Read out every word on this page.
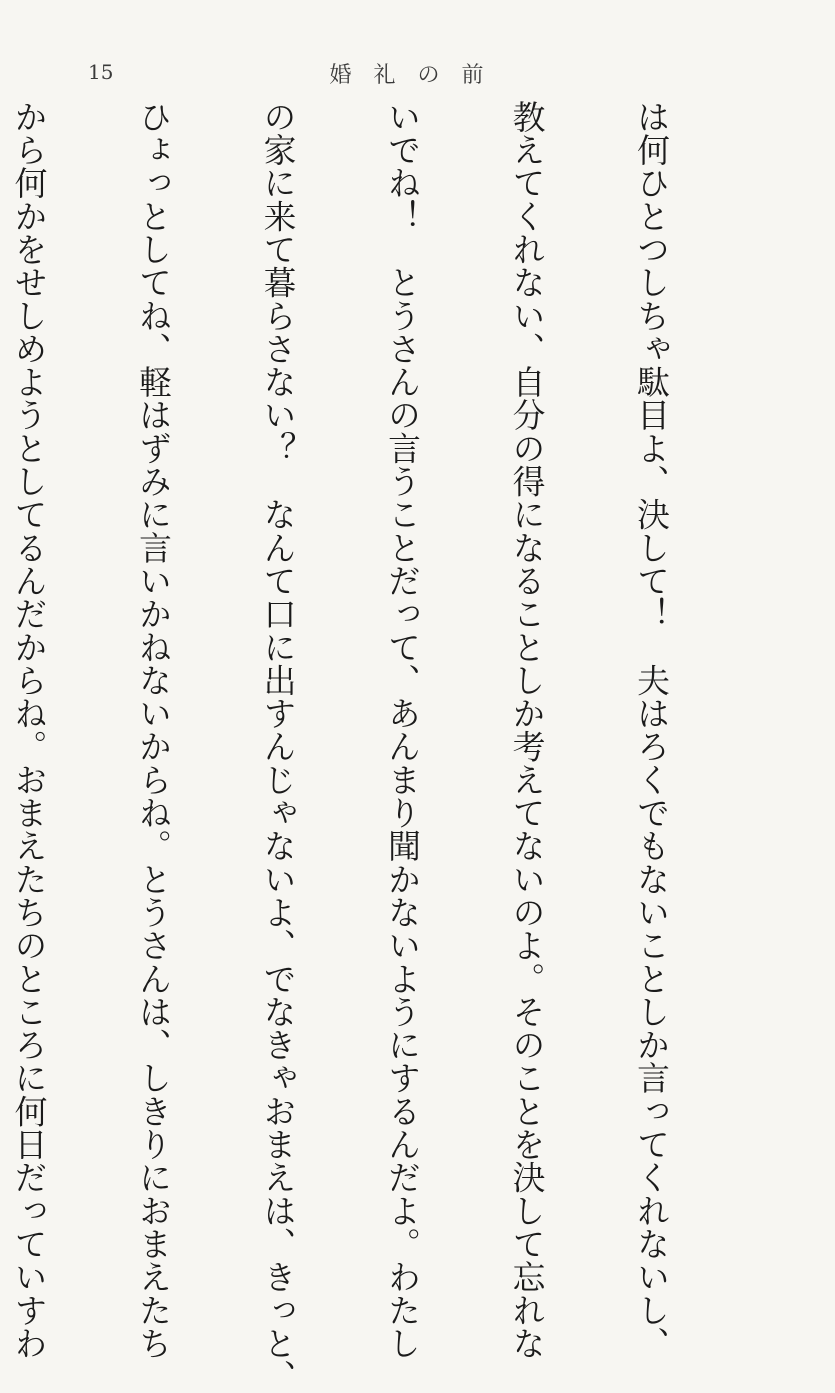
15	婚礼の前

は何ひとつしちゃ駄目よ、決して！　夫はろくでもないことしか言ってくれないし、

教えてくれない、自分の得になることしか考えてないのよ。そのことを決して忘れな

いでね！　とうさんの言うことだって、あんまり聞かないようにするんだよ。わたし

の家に来て暮らさない？　なんて口に出すんじゃないよ、でなきゃおまえは、きっと、

ひょっとしてね、軽はずみに言いかねないからね。とうさんは、しきりにおまえたち

から何かをせしめようとしてるんだからね。おまえたちのところに何日だっていすわ
